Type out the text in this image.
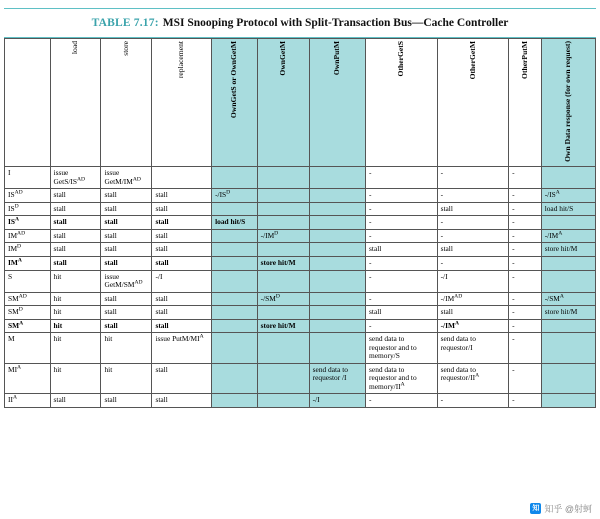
TABLE 7.17: MSI Snooping Protocol with Split-Transaction Bus—Cache Controller
	load	store	replacement	OwnGetS or OwnGetM	OwnGetM	OwnPutM	OtherGetS	OtherGetM	OtherPutM	Own Data response (for own request)
I	issue GetS/$IS^{AD}$	issue GetM/$IM^{AD}$					-	-	-	
$IS^{AD}$	stall	stall	stall	$-/IS^D$			-	-	-	$-/IS^A$
$IS^D$	stall	stall	stall				-	stall	-	load hit/S
$IS^A$	stall	stall	stall	load hit/S			-	-	-	
$IM^{AD}$	stall	stall	stall		$-/IM^D$		-	-	-	$-/IM^A$
$IM^D$	stall	stall	stall				stall	stall	-	store hit/M
$IM^A$	stall	stall	stall		store hit/M		-	-	-	
S	hit	issue GetM/$SM^{AD}$	-/I				-	-/I	-	
$SM^{AD}$	hit	stall	stall		$-/SM^D$		-	$-/IM^{AD}$	-	$-/SM^A$
$SM^D$	hit	stall	stall				stall	stall	-	store hit/M
$SM^A$	hit	stall	stall		store hit/M		-	$-/IM^A$	-	
M	hit	hit	issue PutM/$MI^A$				send data to requestor and to memory/S	send data to requestor/I	-	
$MI^A$	hit	hit	stall			send data to requestor /I	send data to requestor and to memory/$II^A$	send data to requestor/$II^A$	-	
$II^A$	stall	stall	stall			-/I	-	-	-	
知 知乎 @射蚵
